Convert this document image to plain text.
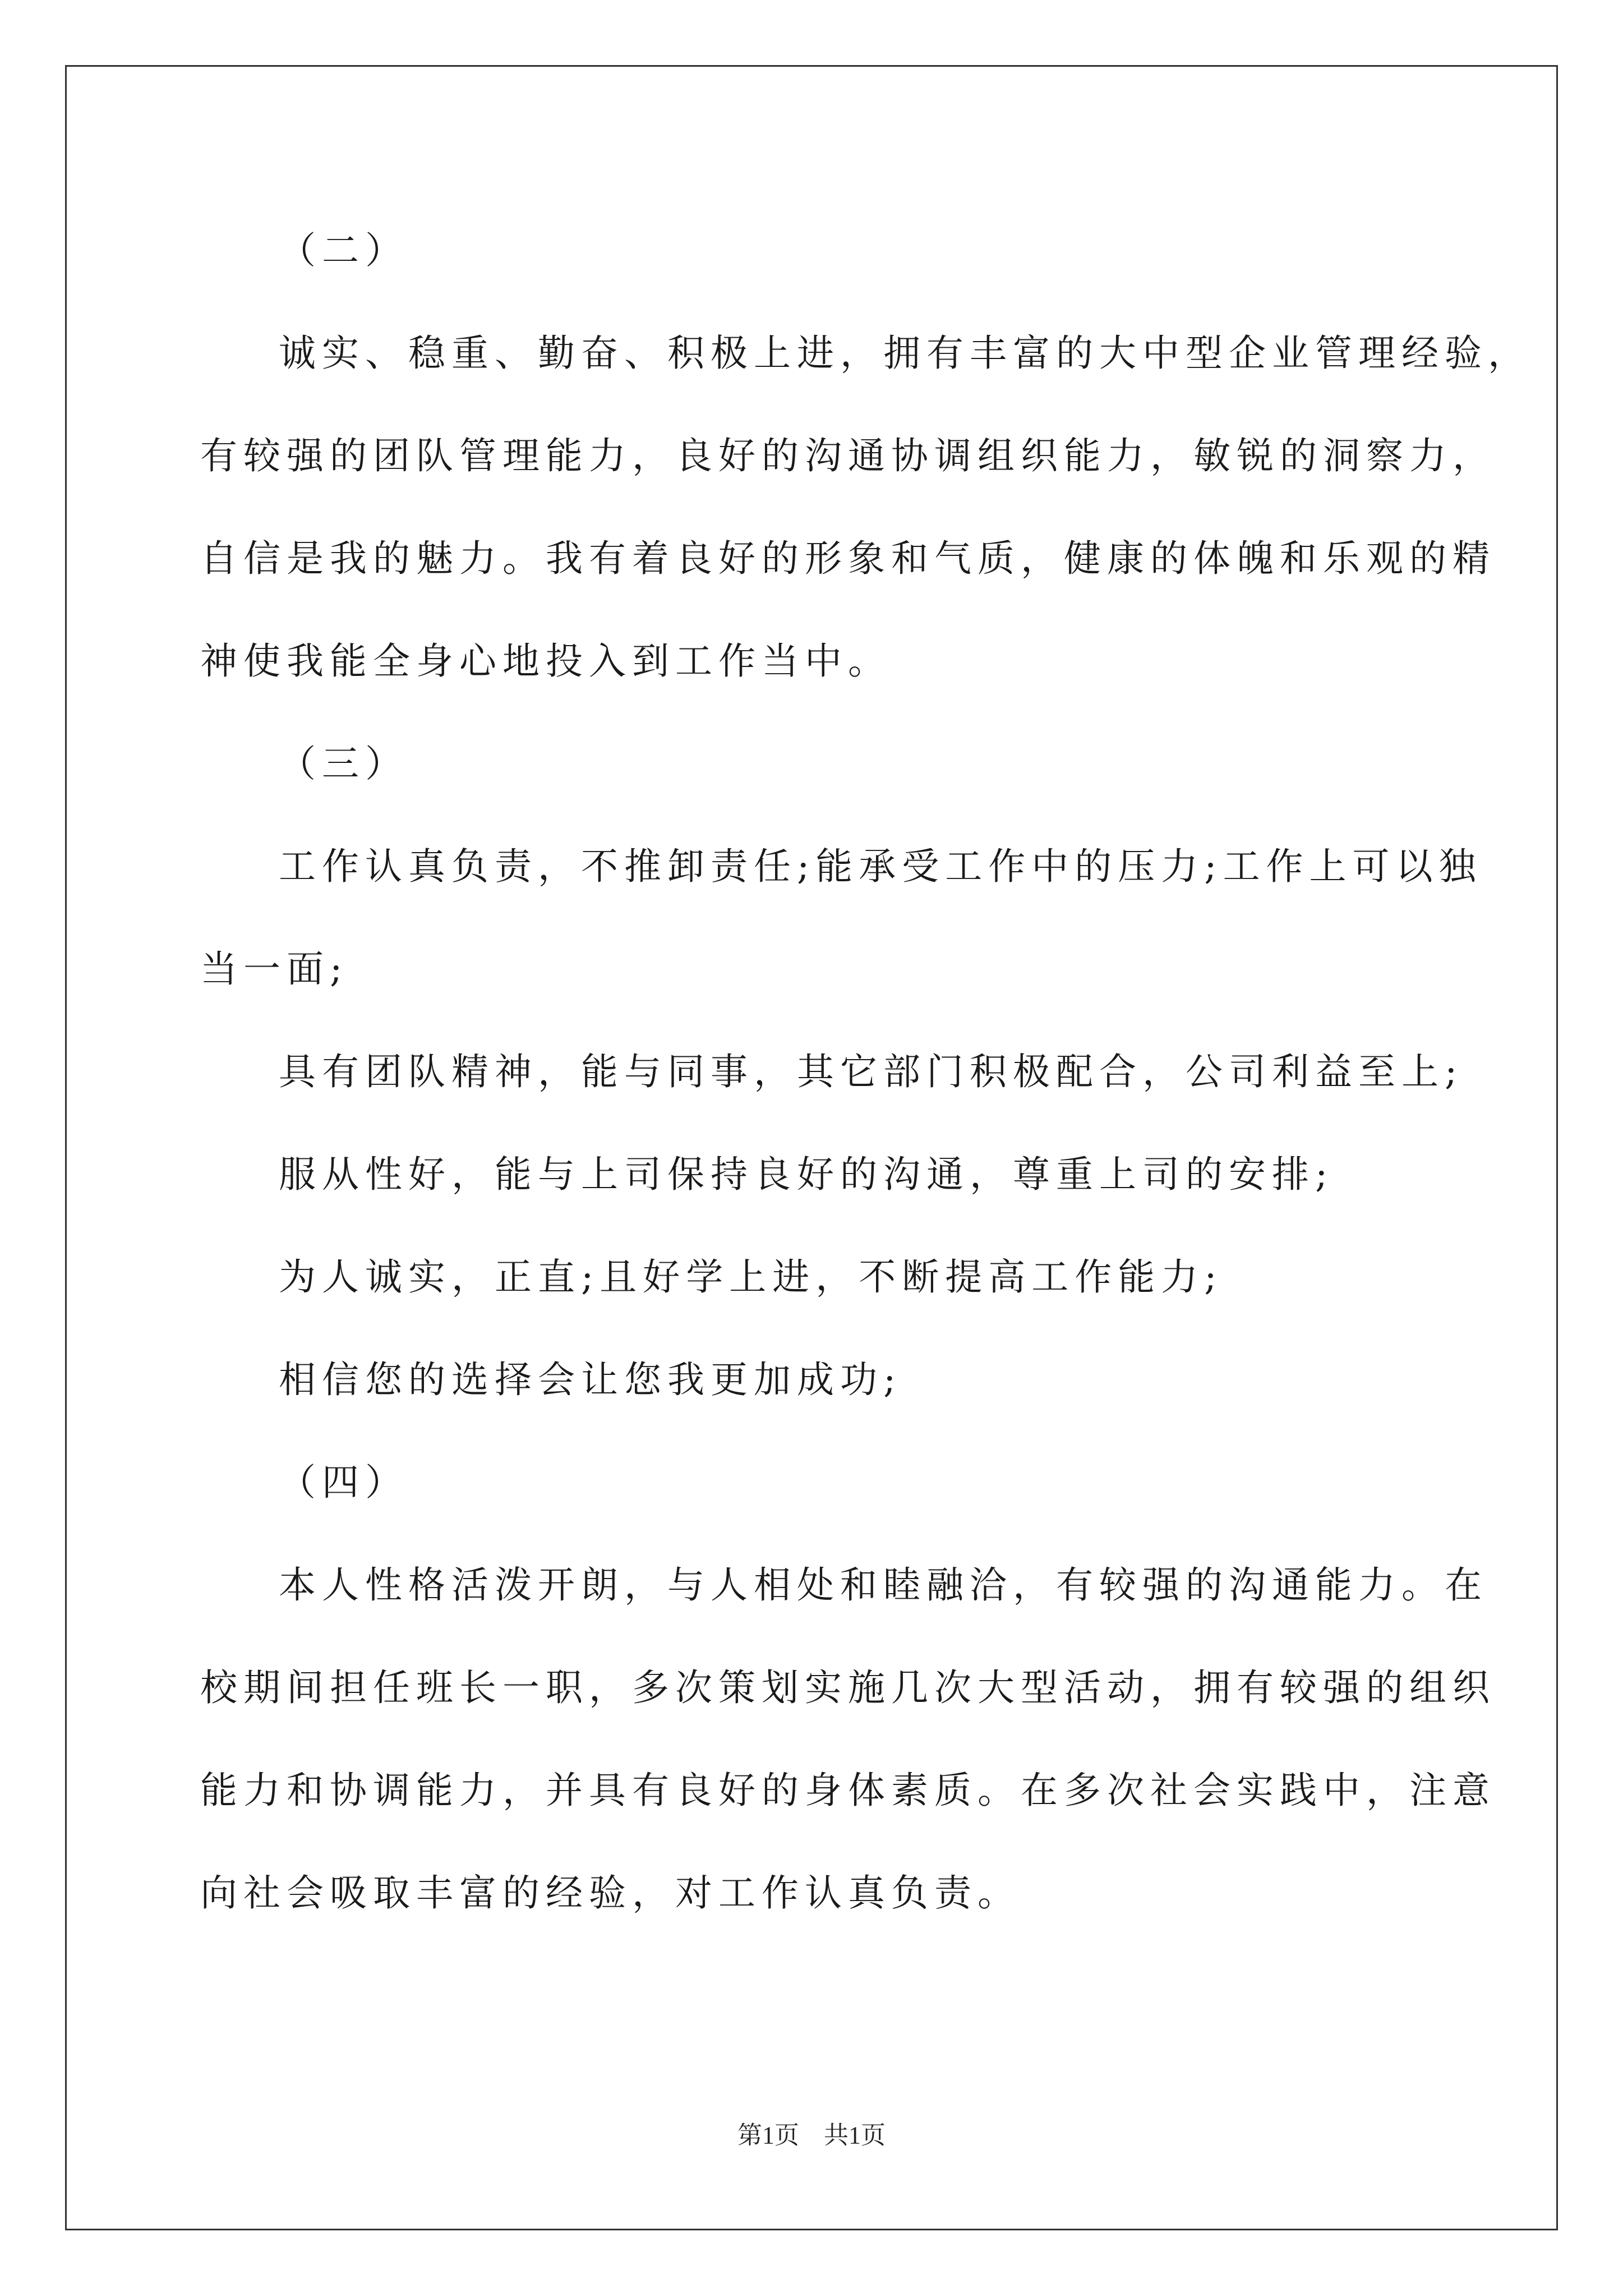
（二）
诚实、稳重、勤奋、积极上进，拥有丰富的大中型企业管理经验，
有较强的团队管理能力，良好的沟通协调组织能力，敏锐的洞察力，
自信是我的魅力。我有着良好的形象和气质，健康的体魄和乐观的精
神使我能全身心地投入到工作当中。
（三）
工作认真负责，不推卸责任;能承受工作中的压力;工作上可以独
当一面;
具有团队精神，能与同事，其它部门积极配合，公司利益至上;
服从性好，能与上司保持良好的沟通，尊重上司的安排;
为人诚实，正直;且好学上进，不断提高工作能力;
相信您的选择会让您我更加成功;
（四）
本人性格活泼开朗，与人相处和睦融洽，有较强的沟通能力。在
校期间担任班长一职，多次策划实施几次大型活动，拥有较强的组织
能力和协调能力，并具有良好的身体素质。在多次社会实践中，注意
向社会吸取丰富的经验，对工作认真负责。
第1页　共1页
